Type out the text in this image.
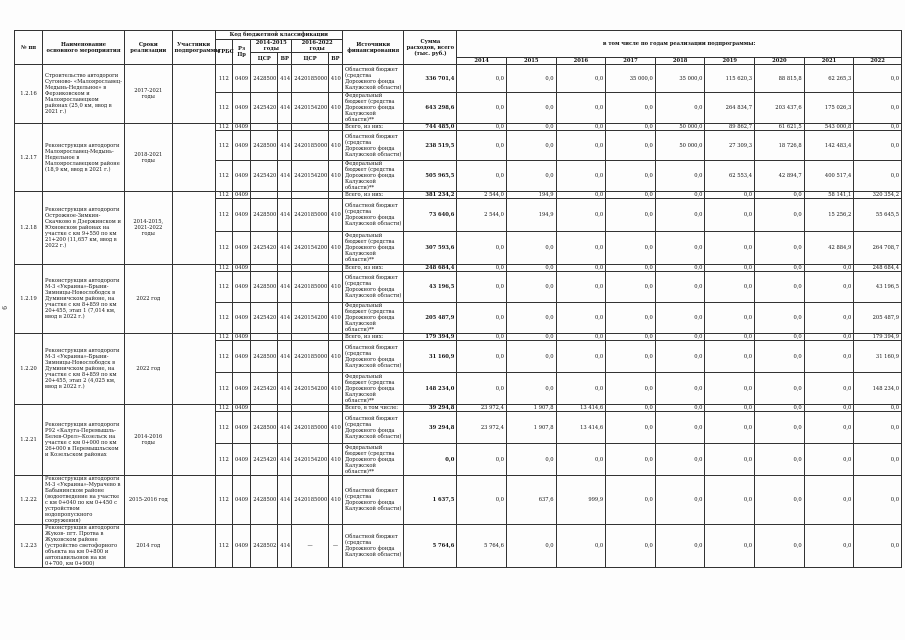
9
№ пп	Наименование основного мероприятия	Сроки реализации	Участники подпрограммы	Код бюджетной классификации						Источники финансирования	Сумма расходов, всего (тыс. руб.)	в том числе по годам реализации подпрограммы:								
				ГРБС	Рз Пр	2014-2015 годы		2016-2022 годы												
						ЦСР	ВР	ЦСР	ВР											
												2014	2015	2016	2017	2018	2019	2020	2021	2022
1.2.16	Строительство автодороги Сугоново- «Малоярославец-Медынь-Недельное» в Ферзиковском и Малоярославецком районах (25,0 км, ввод в 2021 г.)	2017-2021 годы		112	0409	2428500	414	2420185000	410	Областной бюджет (средства Дорожного фонда Калужской области)	336 701,4	0,0	0,0	0,0	35 000,0	35 000,0	115 620,3	88 815,8	62 265,3	0,0
				112	0409	2425420	414	2420154200	410	Федеральный бюджет (средства Дорожного фонда Калужской области)**	643 298,6	0,0	0,0	0,0	0,0	0,0	264 834,7	203 437,6	175 026,3	0,0
1.2.17	Реконструкция автодороги Малоярославец-Медынь-Недельное в Малоярославецком районе (18,9 км, ввод в 2021 г.)	2018-2021 годы		112	0409					Всего, из них:	744 485,0	0,0	0,0	0,0	0,0	50 000,0	89 862,7	61 621,5	543 000,8	0,0
				112	0409	2428500	414	2420185000	410	Областной бюджет (средства Дорожного фонда Калужской области)	238 519,5	0,0	0,0	0,0	0,0	50 000,0	27 309,3	18 726,8	142 483,4	0,0
				112	0409	2425420	414	2420154200	410	Федеральный бюджет (средства Дорожного фонда Калужской области)**	505 965,5	0,0	0,0	0,0	0,0	0,0	62 553,4	42 894,7	400 517,4	0,0
1.2.18	Реконструкция автодороги Острожное-Зимкин-Скачково в Дзержинском и Юхновском районах на участке с км 9+550 по км 21+200 (11,657 км, ввод в 2022 г.)	2014-2015, 2021-2022 годы		112	0409					Всего, из них:	381 234,2	2 544,0	194,9	0,0	0,0	0,0	0,0	0,0	58 141,1	320 354,2
				112	0409	2428500	414	2420185000	410	Областной бюджет (средства Дорожного фонда Калужской области)	73 640,6	2 544,0	194,9	0,0	0,0	0,0	0,0	0,0	15 256,2	55 645,5
				112	0409	2425420	414	2420154200	410	Федеральный бюджет (средства Дорожного фонда Калужской области)**	307 593,6	0,0	0,0	0,0	0,0	0,0	0,0	0,0	42 884,9	264 708,7
1.2.19	Реконструкция автодороги М-3 «Украина»-Брыни-Зимницы-Новослободск в Думиничском районе, на участке с км 8+859 по км 20+455, этап 1 (7,014 км, ввод в 2022 г.)	2022 год		112	0409					Всего, из них:	248 684,4	0,0	0,0	0,0	0,0	0,0	0,0	0,0	0,0	248 684,4
				112	0409	2428500	414	2420185000	410	Областной бюджет (средства Дорожного фонда Калужской области)	43 196,5	0,0	0,0	0,0	0,0	0,0	0,0	0,0	0,0	43 196,5
				112	0409	2425420	414	2420154200	410	Федеральный бюджет (средства Дорожного фонда Калужской области)**	205 487,9	0,0	0,0	0,0	0,0	0,0	0,0	0,0	0,0	205 487,9
1.2.20	Реконструкция автодороги М-3 «Украина»-Брыни-Зимницы-Новослободск в Думиничском районе, на участке с км 8+859 по км 20+455, этап 2 (4,025 км, ввод в 2022 г.)	2022 год		112	0409					Всего, из них:	179 394,9	0,0	0,0	0,0	0,0	0,0	0,0	0,0	0,0	179 394,9
				112	0409	2428500	414	2420185000	410	Областной бюджет (средства Дорожного фонда Калужской области)	31 160,9	0,0	0,0	0,0	0,0	0,0	0,0	0,0	0,0	31 160,9
				112	0409	2425420	414	2420154200	410	Федеральный бюджет (средства Дорожного фонда Калужской области)**	148 234,0	0,0	0,0	0,0	0,0	0,0	0,0	0,0	0,0	148 234,0
1.2.21	Реконструкция автодороги Р92 «Калуга-Перемышль-Белев-Орел»-Козельск на участке с км 0+000 по км 26+000 в Перемышльском и Козельском районах	2014-2016 годы		112	0409					Всего, в том числе:	39 294,8	23 972,4	1 907,8	13 414,6	0,0	0,0	0,0	0,0	0,0	0,0
				112	0409	2428500	414	2420185000	410	Областной бюджет (средства Дорожного фонда Калужской области)	39 294,8	23 972,4	1 907,8	13 414,6	0,0	0,0	0,0	0,0	0,0	0,0
				112	0409	2425420	414	2420154200	410	Федеральный бюджет (средства Дорожного фонда Калужской области)**	0,0	0,0	0,0	0,0	0,0	0,0	0,0	0,0	0,0	0,0
1.2.22	Реконструкция автодороги М-3 «Украина»-Мурачево в Бабынинском районе (водоотведение на участке с км 0+040 по км 0+450 с устройством водопропускного сооружения)	2015-2016 год		112	0409	2428500	414	2420185000	410	Областной бюджет (средства Дорожного фонда Калужской области)	1 637,5	0,0	637,6	999,9	0,0	0,0	0,0	0,0	0,0	0,0
1.2.23	Реконструкция автодороги Жуков- пгт. Протва в Жуковском районе (устройство светофорного объекта на км 0+800 и автопавильонов на км 0+700, км 0+900)	2014 год		112	0409	2428502	414	—	—	Областной бюджет (средства Дорожного фонда Калужской области)	5 764,6	5 764,6	0,0	0,0	0,0	0,0	0,0	0,0	0,0	0,0
